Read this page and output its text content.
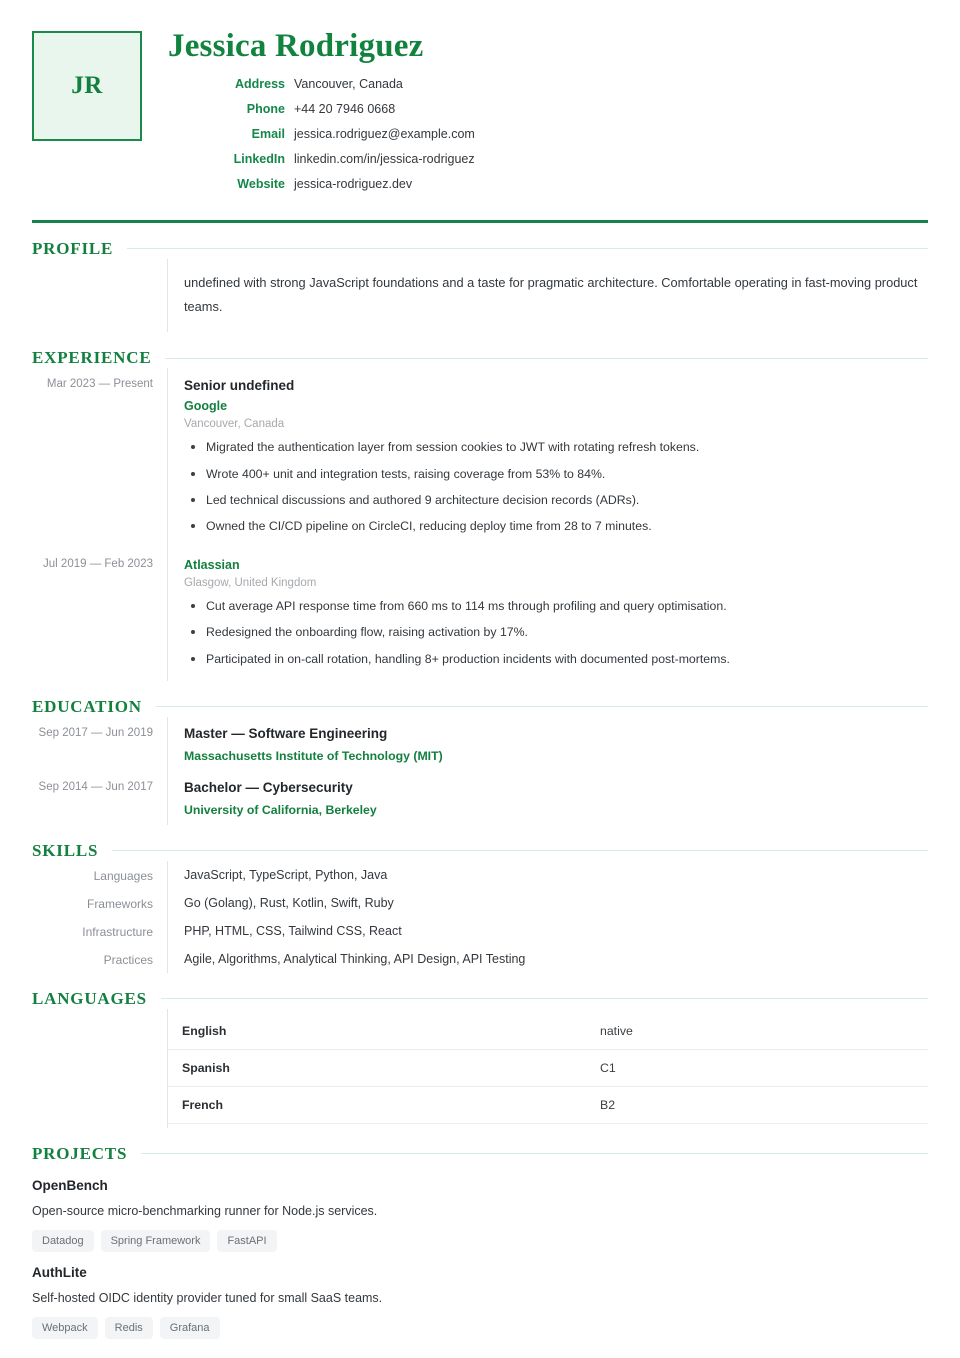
JR
Jessica Rodriguez
Address Vancouver, Canada
Phone +44 20 7946 0668
Email jessica.rodriguez@example.com
LinkedIn linkedin.com/in/jessica-rodriguez
Website jessica-rodriguez.dev
PROFILE
undefined with strong JavaScript foundations and a taste for pragmatic architecture. Comfortable operating in fast-moving product teams.
EXPERIENCE
Mar 2023 — Present	Senior undefined
Google
Vancouver, Canada
Migrated the authentication layer from session cookies to JWT with rotating refresh tokens.
Wrote 400+ unit and integration tests, raising coverage from 53% to 84%.
Led technical discussions and authored 9 architecture decision records (ADRs).
Owned the CI/CD pipeline on CircleCI, reducing deploy time from 28 to 7 minutes.
Jul 2019 — Feb 2023	Atlassian
Glasgow, United Kingdom
Cut average API response time from 660 ms to 114 ms through profiling and query optimisation.
Redesigned the onboarding flow, raising activation by 17%.
Participated in on-call rotation, handling 8+ production incidents with documented post-mortems.
EDUCATION
Sep 2017 — Jun 2019	Master — Software Engineering
Massachusetts Institute of Technology (MIT)
Sep 2014 — Jun 2017	Bachelor — Cybersecurity
University of California, Berkeley
SKILLS
Languages	JavaScript, TypeScript, Python, Java
Frameworks	Go (Golang), Rust, Kotlin, Swift, Ruby
Infrastructure	PHP, HTML, CSS, Tailwind CSS, React
Practices	Agile, Algorithms, Analytical Thinking, API Design, API Testing
LANGUAGES
English	native
Spanish	C1
French	B2
PROJECTS
OpenBench
Open-source micro-benchmarking runner for Node.js services.
Datadog	Spring Framework	FastAPI
AuthLite
Self-hosted OIDC identity provider tuned for small SaaS teams.
Webpack	Redis	Grafana
